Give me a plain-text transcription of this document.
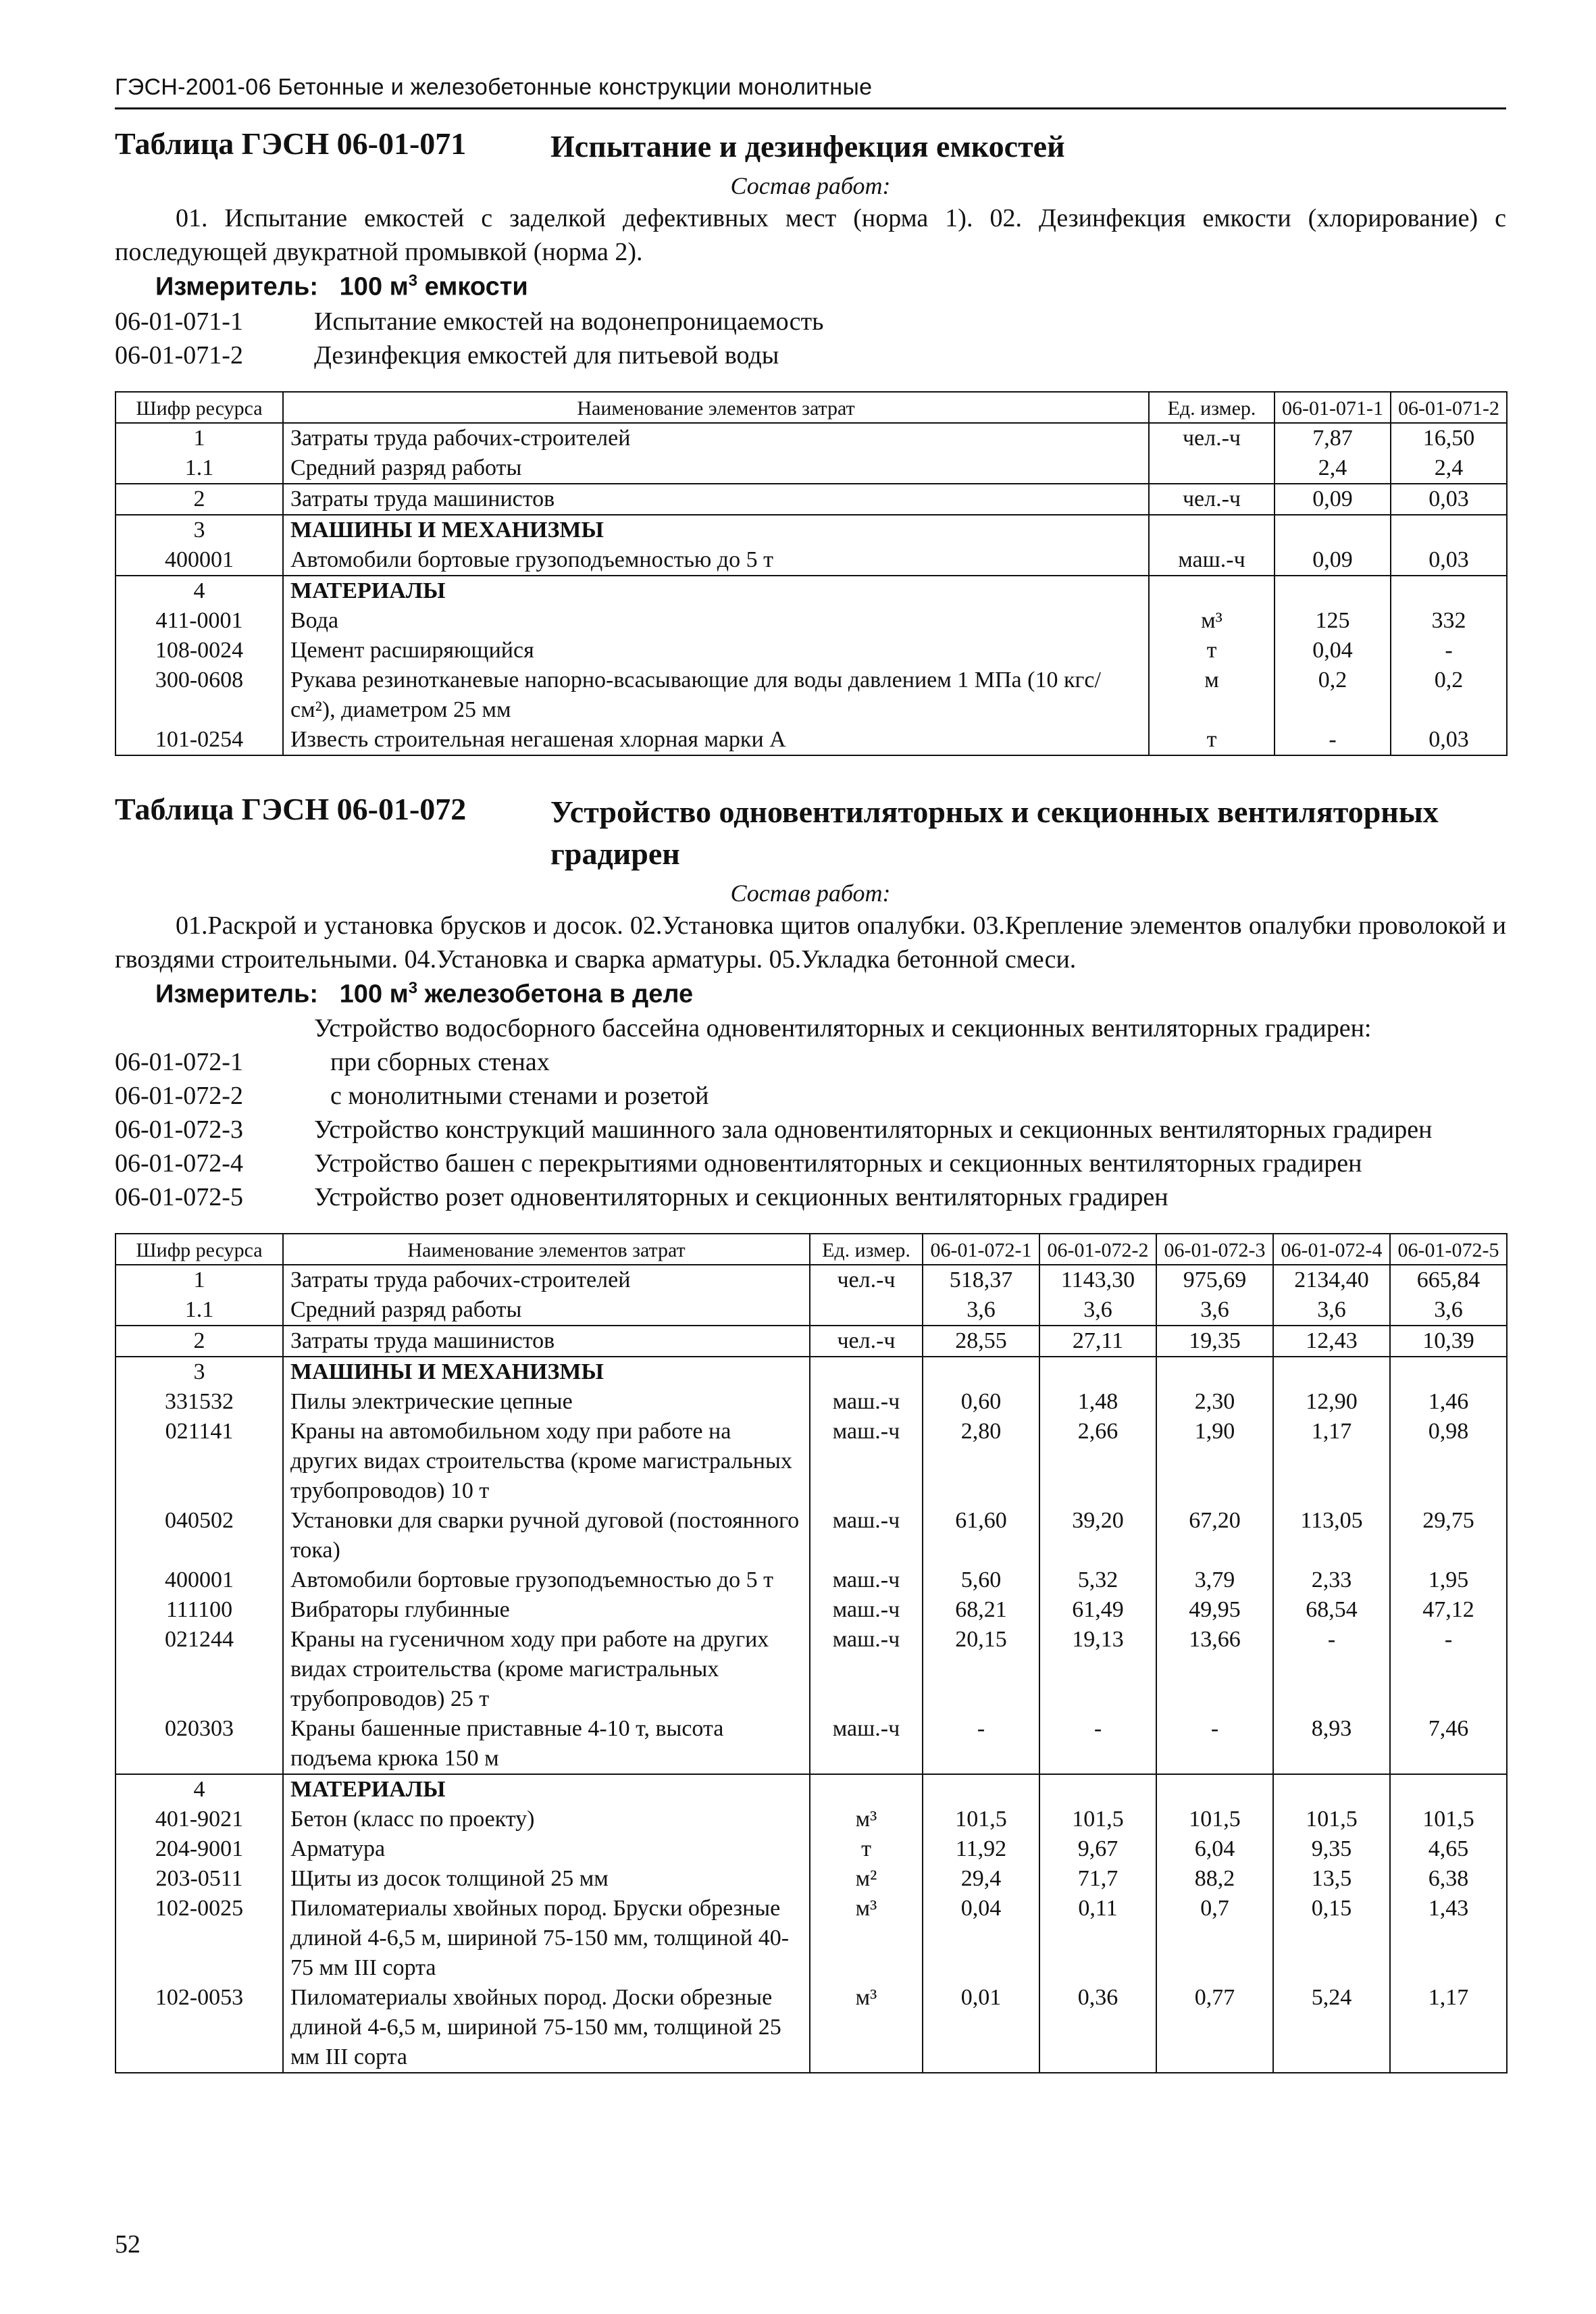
ГЭСН-2001-06 Бетонные и железобетонные конструкции монолитные
Таблица ГЭСН 06-01-071	Испытание и дезинфекция емкостей
Состав работ:
01. Испытание емкостей с заделкой дефективных мест (норма 1). 02. Дезинфекция емкости (хлорирование) с последующей двукратной промывкой (норма 2).
Измеритель: 100 $м^3$ емкости
06-01-071-1	Испытание емкостей на водонепроницаемость
06-01-071-2	Дезинфекция емкостей для питьевой воды
Шифр ресурса	Наименование элементов затрат	Ед. измер.	06-01-071-1	06-01-071-2
1	Затраты труда рабочих-строителей	чел.-ч	7,87	16,50
1.1	Средний разряд работы		2,4	2,4
2	Затраты труда машинистов	чел.-ч	0,09	0,03
3	МАШИНЫ И МЕХАНИЗМЫ			
400001	Автомобили бортовые грузоподъемностью до 5 т	маш.-ч	0,09	0,03
4	МАТЕРИАЛЫ			
411-0001	Вода	м³	125	332
108-0024	Цемент расширяющийся	т	0,04	-
300-0608	Рукава резинотканевые напорно-всасывающие для воды давлением 1 МПа (10 кгс/см²), диаметром 25 мм	м	0,2	0,2
101-0254	Известь строительная негашеная хлорная марки А	т	-	0,03
Таблица ГЭСН 06-01-072	Устройство одновентиляторных и секционных вентиляторных градирен
Состав работ:
01.Раскрой и установка брусков и досок. 02.Установка щитов опалубки. 03.Крепление элементов опалубки проволокой и гвоздями строительными. 04.Установка и сварка арматуры. 05.Укладка бетонной смеси.
Измеритель: 100 $м^3$ железобетона в деле
Устройство водосборного бассейна одновентиляторных и секционных вентиляторных градирен:
06-01-072-1	при сборных стенах
06-01-072-2	с монолитными стенами и розетой
06-01-072-3	Устройство конструкций машинного зала одновентиляторных и секционных вентиляторных градирен
06-01-072-4	Устройство башен с перекрытиями одновентиляторных и секционных вентиляторных градирен
06-01-072-5	Устройство розет одновентиляторных и секционных вентиляторных градирен
Шифр ресурса	Наименование элементов затрат	Ед. измер.	06-01-072-1	06-01-072-2	06-01-072-3	06-01-072-4	06-01-072-5
1	Затраты труда рабочих-строителей	чел.-ч	518,37	1143,30	975,69	2134,40	665,84
1.1	Средний разряд работы		3,6	3,6	3,6	3,6	3,6
2	Затраты труда машинистов	чел.-ч	28,55	27,11	19,35	12,43	10,39
3	МАШИНЫ И МЕХАНИЗМЫ						
331532	Пилы электрические цепные	маш.-ч	0,60	1,48	2,30	12,90	1,46
021141	Краны на автомобильном ходу при работе на других видах строительства (кроме магистральных трубопроводов) 10 т	маш.-ч	2,80	2,66	1,90	1,17	0,98
040502	Установки для сварки ручной дуговой (постоянного тока)	маш.-ч	61,60	39,20	67,20	113,05	29,75
400001	Автомобили бортовые грузоподъемностью до 5 т	маш.-ч	5,60	5,32	3,79	2,33	1,95
111100	Вибраторы глубинные	маш.-ч	68,21	61,49	49,95	68,54	47,12
021244	Краны на гусеничном ходу при работе на других видах строительства (кроме магистральных трубопроводов) 25 т	маш.-ч	20,15	19,13	13,66	-	-
020303	Краны башенные приставные 4-10 т, высота подъема крюка 150 м	маш.-ч	-	-	-	8,93	7,46
4	МАТЕРИАЛЫ						
401-9021	Бетон (класс по проекту)	м³	101,5	101,5	101,5	101,5	101,5
204-9001	Арматура	т	11,92	9,67	6,04	9,35	4,65
203-0511	Щиты из досок толщиной 25 мм	м²	29,4	71,7	88,2	13,5	6,38
102-0025	Пиломатериалы хвойных пород. Бруски обрезные длиной 4-6,5 м, шириной 75-150 мм, толщиной 40-75 мм III сорта	м³	0,04	0,11	0,7	0,15	1,43
102-0053	Пиломатериалы хвойных пород. Доски обрезные длиной 4-6,5 м, шириной 75-150 мм, толщиной 25 мм III сорта	м³	0,01	0,36	0,77	5,24	1,17
52
